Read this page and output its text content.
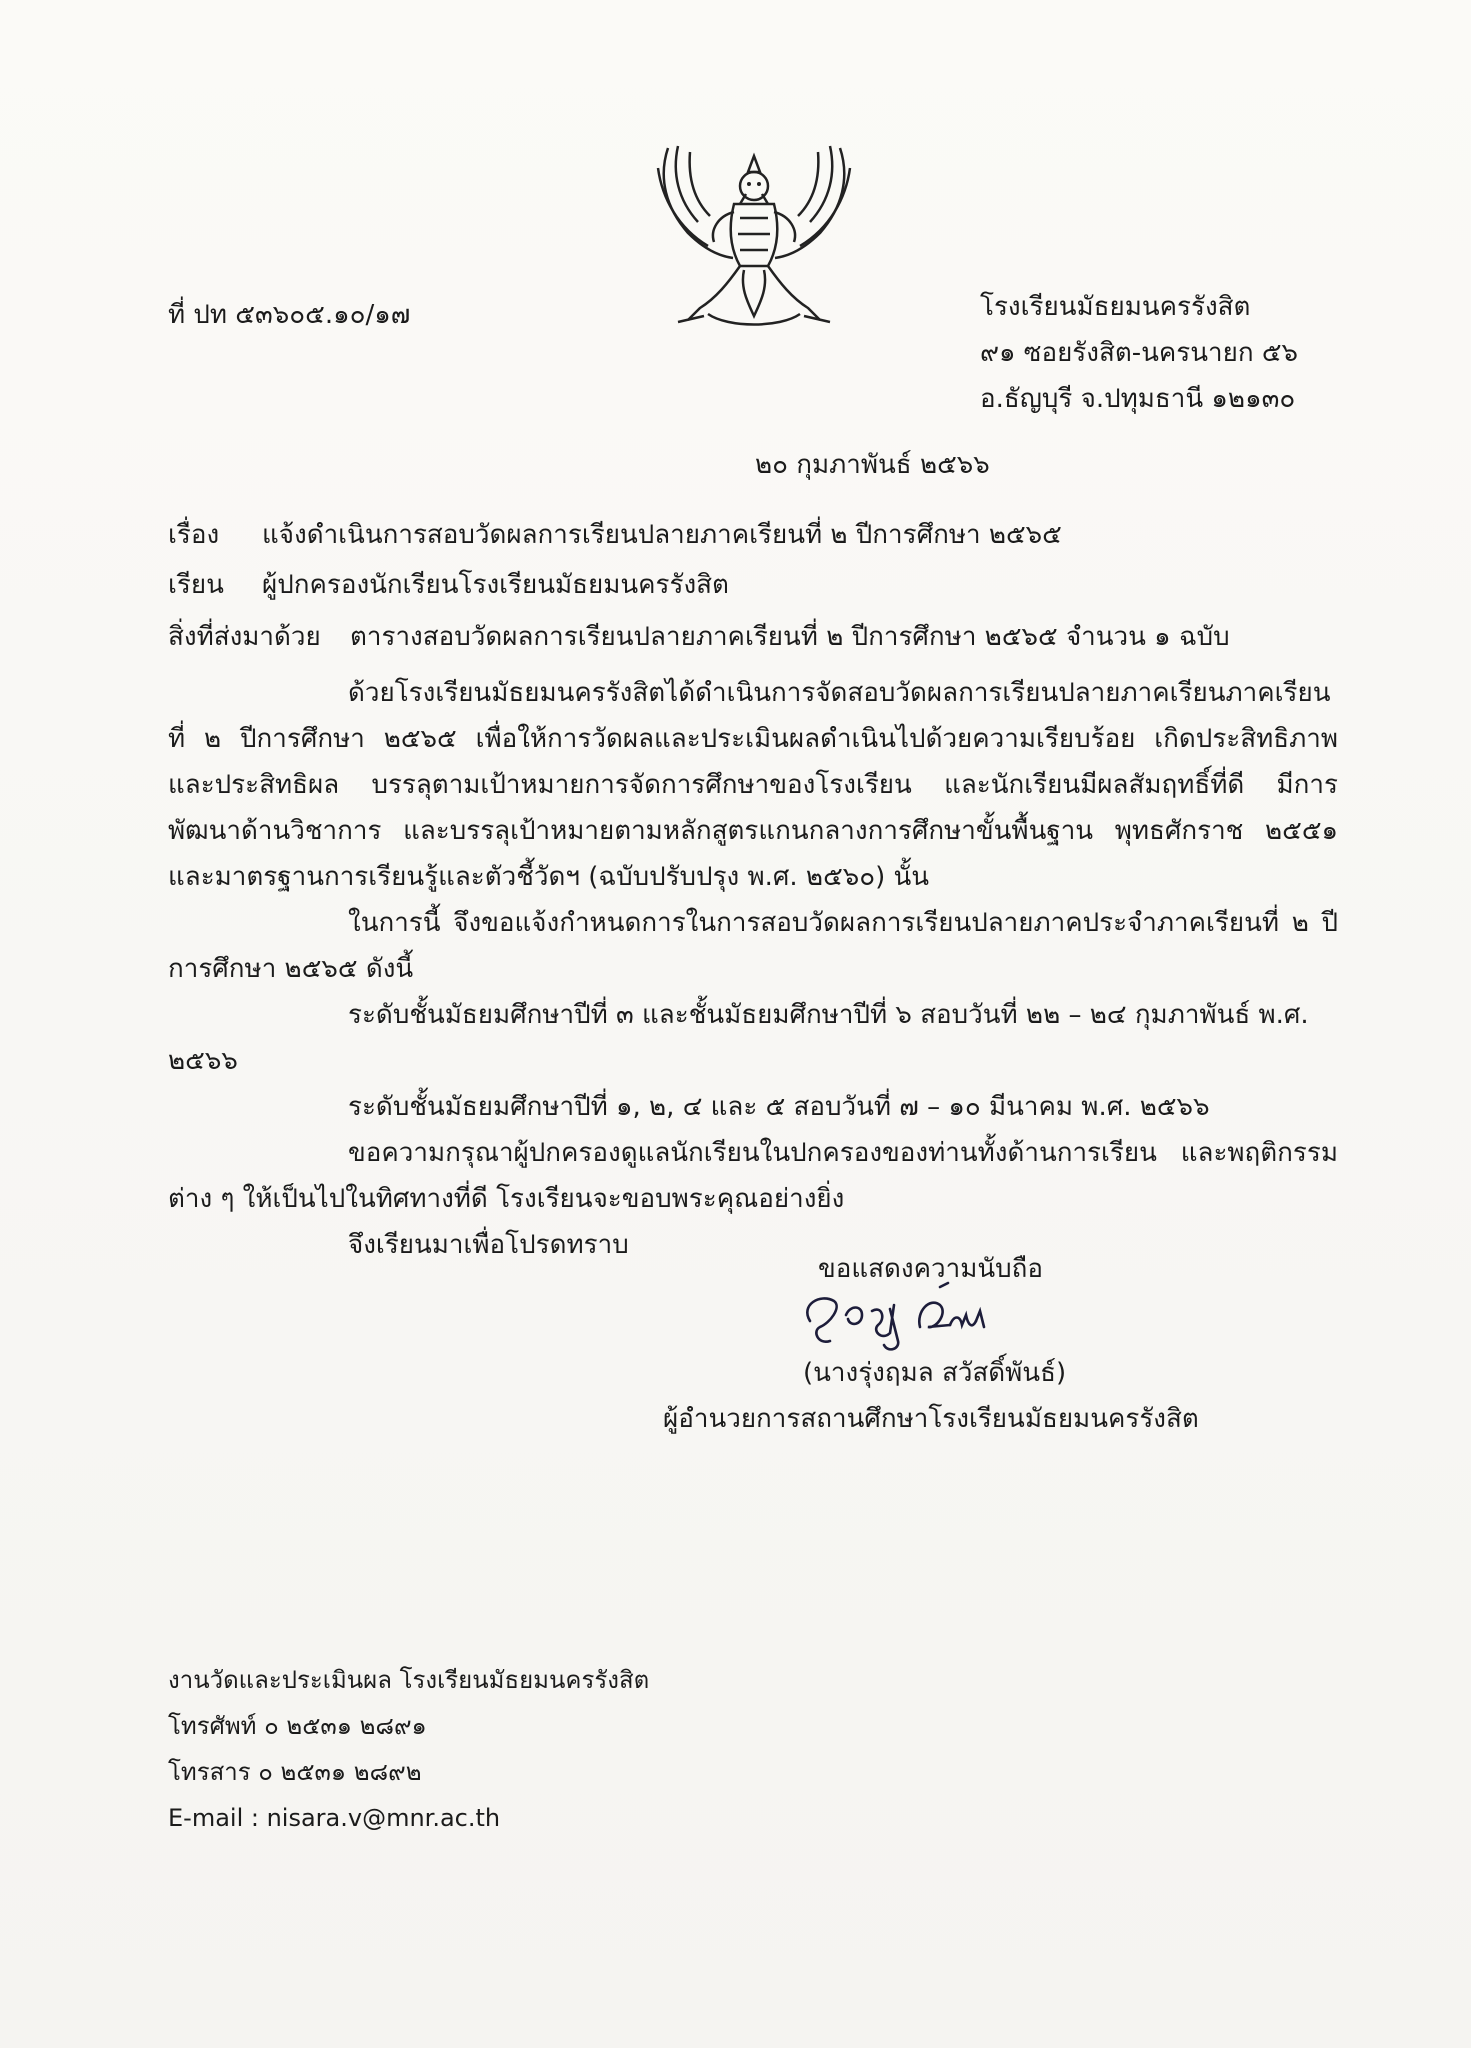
ที่ ปท ๕๓๖๐๕.๑๐/๑๗	โรงเรียนมัธยมนครรังสิต
๙๑ ซอยรังสิต-นครนายก ๕๖
อ.ธัญบุรี จ.ปทุมธานี ๑๒๑๓๐
๒๐ กุมภาพันธ์ ๒๕๖๖
เรื่อง แจ้งดำเนินการสอบวัดผลการเรียนปลายภาคเรียนที่ ๒ ปีการศึกษา ๒๕๖๕
เรียน ผู้ปกครองนักเรียนโรงเรียนมัธยมนครรังสิต
สิ่งที่ส่งมาด้วย ตารางสอบวัดผลการเรียนปลายภาคเรียนที่ ๒ ปีการศึกษา ๒๕๖๕ จำนวน ๑ ฉบับ

ด้วยโรงเรียนมัธยมนครรังสิตได้ดำเนินการจัดสอบวัดผลการเรียนปลายภาคเรียนภาคเรียนที่ ๒ ปีการศึกษา ๒๕๖๕ เพื่อให้การวัดผลและประเมินผลดำเนินไปด้วยความเรียบร้อย เกิดประสิทธิภาพ และประสิทธิผล บรรลุตามเป้าหมายการจัดการศึกษาของโรงเรียน และนักเรียนมีผลสัมฤทธิ์ที่ดี มีการพัฒนาด้านวิชาการ และบรรลุเป้าหมายตามหลักสูตรแกนกลางการศึกษาขั้นพื้นฐาน พุทธศักราช ๒๕๕๑ และมาตรฐานการเรียนรู้และตัวชี้วัดฯ (ฉบับปรับปรุง พ.ศ. ๒๕๖๐) นั้น

ในการนี้ จึงขอแจ้งกำหนดการในการสอบวัดผลการเรียนปลายภาคประจำภาคเรียนที่ ๒ ปีการศึกษา ๒๕๖๕ ดังนี้

ระดับชั้นมัธยมศึกษาปีที่ ๓ และชั้นมัธยมศึกษาปีที่ ๖ สอบวันที่ ๒๒ – ๒๔ กุมภาพันธ์ พ.ศ. ๒๕๖๖

ระดับชั้นมัธยมศึกษาปีที่ ๑, ๒, ๔ และ ๕ สอบวันที่ ๗ – ๑๐ มีนาคม พ.ศ. ๒๕๖๖

ขอความกรุณาผู้ปกครองดูแลนักเรียนในปกครองของท่านทั้งด้านการเรียน และพฤติกรรมต่าง ๆ ให้เป็นไปในทิศทางที่ดี โรงเรียนจะขอบพระคุณอย่างยิ่ง

จึงเรียนมาเพื่อโปรดทราบ

ขอแสดงความนับถือ
(นางรุ่งฤมล สวัสดิ์พันธ์)
ผู้อำนวยการสถานศึกษาโรงเรียนมัธยมนครรังสิต
งานวัดและประเมินผล โรงเรียนมัธยมนครรังสิต
โทรศัพท์ ๐ ๒๕๓๑ ๒๘๙๑
โทรสาร ๐ ๒๕๓๑ ๒๘๙๒
E-mail : nisara.v@mnr.ac.th
